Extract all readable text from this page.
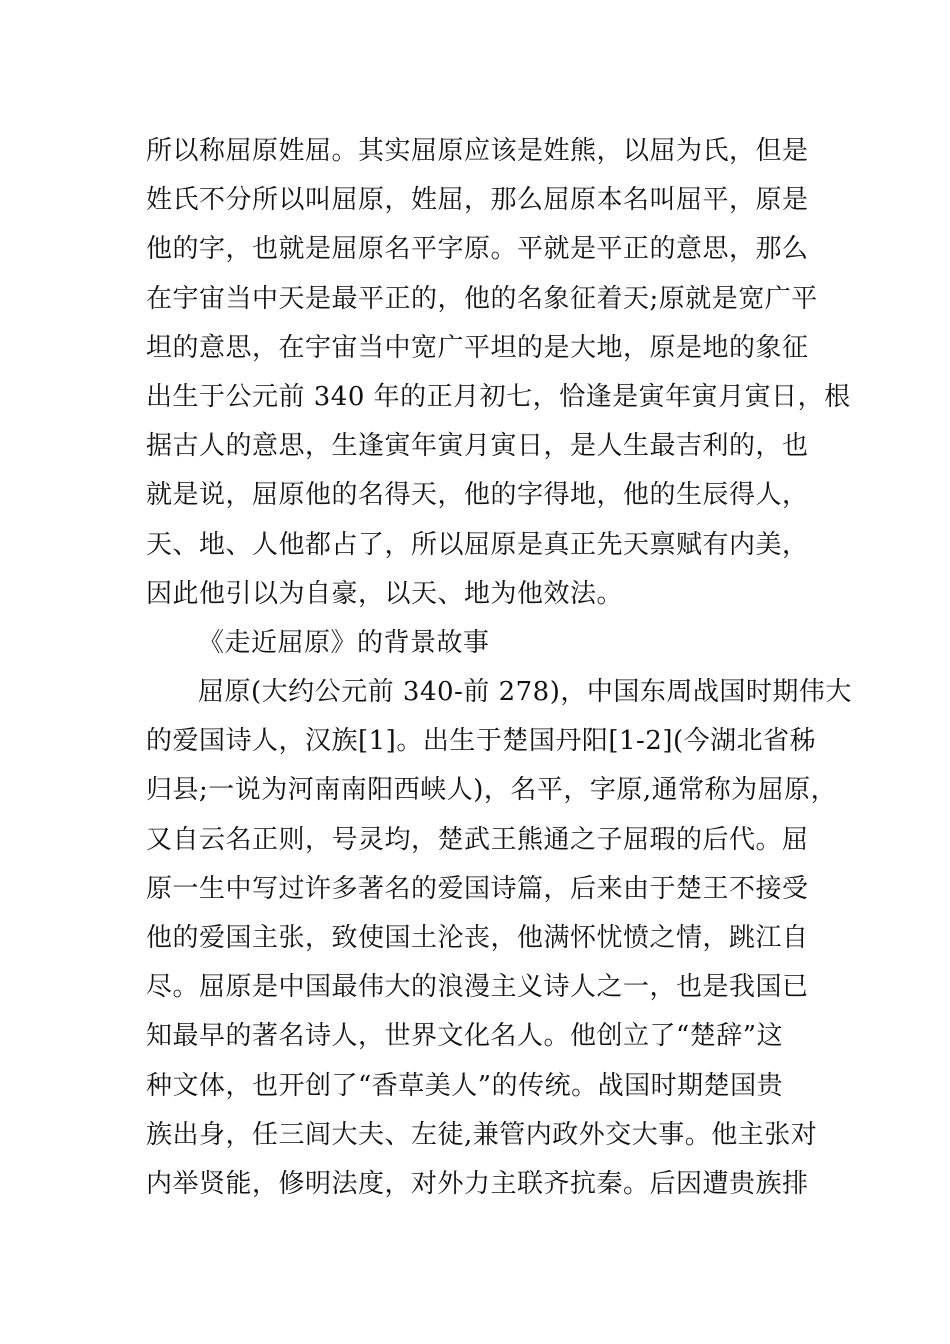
所以称屈原姓屈。其实屈原应该是姓熊，以屈为氏，但是
姓氏不分所以叫屈原，姓屈，那么屈原本名叫屈平，原是
他的字，也就是屈原名平字原。平就是平正的意思，那么
在宇宙当中天是最平正的，他的名象征着天;原就是宽广平
坦的意思，在宇宙当中宽广平坦的是大地，原是地的象征
出生于公元前 340 年的正月初七，恰逢是寅年寅月寅日，根
据古人的意思，生逢寅年寅月寅日，是人生最吉利的，也
就是说，屈原他的名得天，他的字得地，他的生辰得人，
天、地、人他都占了，所以屈原是真正先天禀赋有内美，
因此他引以为自豪，以天、地为他效法。
《走近屈原》的背景故事
屈原(大约公元前 340-前 278)，中国东周战国时期伟大
的爱国诗人，汉族[1]。出生于楚国丹阳[1-2](今湖北省秭
归县;一说为河南南阳西峡人)，名平，字原,通常称为屈原，
又自云名正则，号灵均，楚武王熊通之子屈瑕的后代。屈
原一生中写过许多著名的爱国诗篇，后来由于楚王不接受
他的爱国主张，致使国土沦丧，他满怀忧愤之情，跳江自
尽。屈原是中国最伟大的浪漫主义诗人之一，也是我国已
知最早的著名诗人，世界文化名人。他创立了“楚辞”这
种文体，也开创了“香草美人”的传统。战国时期楚国贵
族出身，任三闾大夫、左徒,兼管内政外交大事。他主张对
内举贤能，修明法度，对外力主联齐抗秦。后因遭贵族排
